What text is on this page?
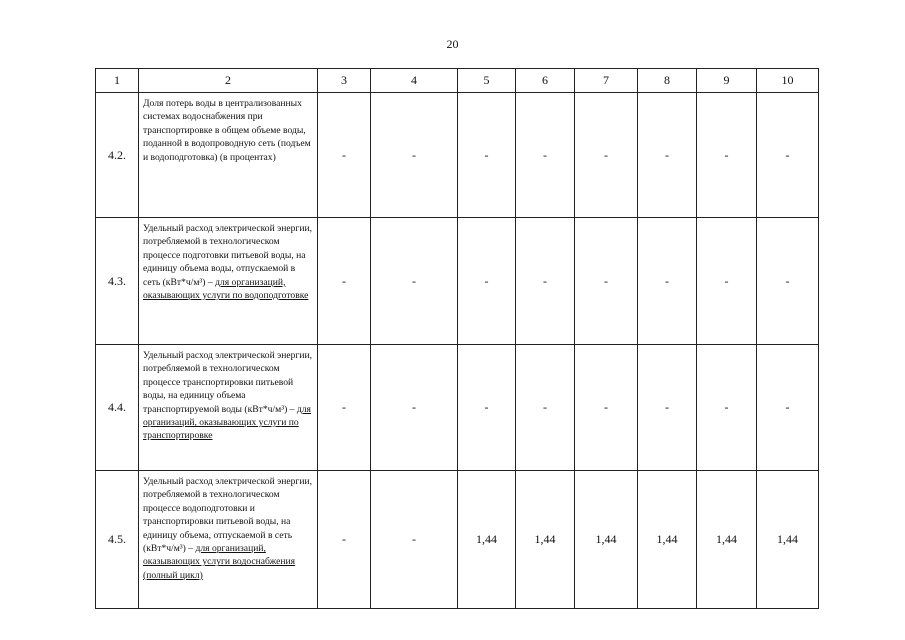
20
1	2	3	4	5	6	7	8	9	10
4.2.	Доля потерь воды в централизованных системах водоснабжения при транспортировке в общем объеме воды, поданной в водопроводную сеть (подъем и водоподготовка) (в процентах)	-	-	-	-	-	-	-	-
4.3.	Удельный расход электрической энергии, потребляемой в технологическом процессе подготовки питьевой воды, на единицу объема воды, отпускаемой в сеть (кВт*ч/м³) – для организаций, оказывающих услуги по водоподготовке	-	-	-	-	-	-	-	-
4.4.	Удельный расход электрической энергии, потребляемой в технологическом процессе транспортировки питьевой воды, на единицу объема транспортируемой воды (кВт*ч/м³) – для организаций, оказывающих услуги по транспортировке	-	-	-	-	-	-	-	-
4.5.	Удельный расход электрической энергии, потребляемой в технологическом процессе водоподготовки и транспортировки питьевой воды, на единицу объема, отпускаемой в сеть (кВт*ч/м³) – для организаций, оказывающих услуги водоснабжения (полный цикл)	-	-	1,44	1,44	1,44	1,44	1,44	1,44
